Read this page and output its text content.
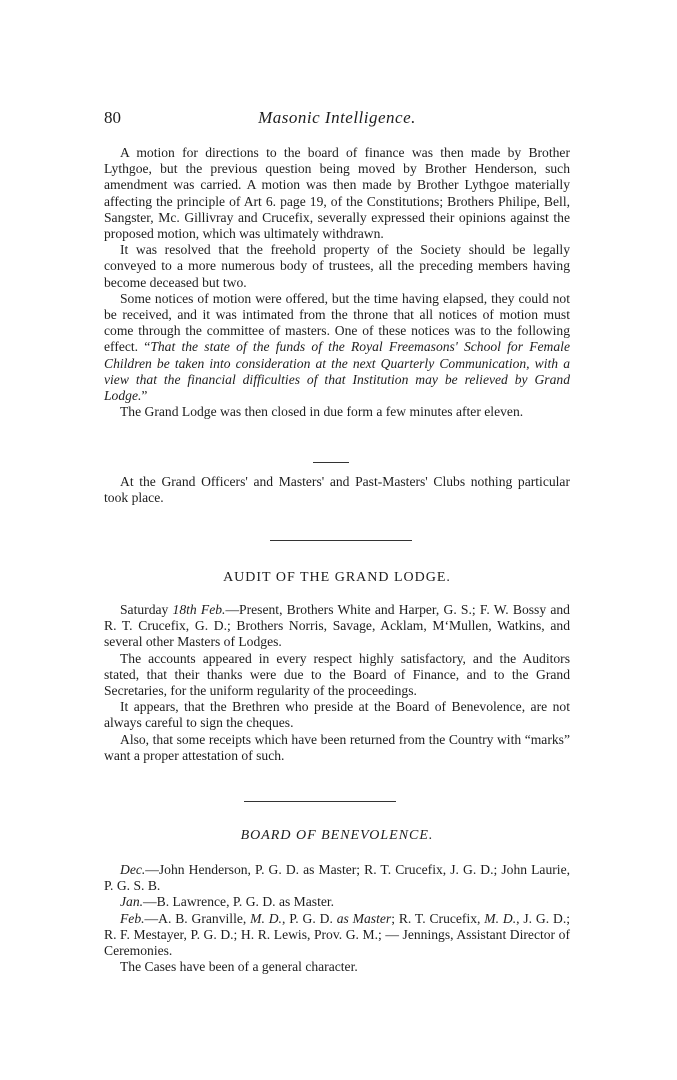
80	Masonic Intelligence.

A motion for directions to the board of finance was then made by Brother Lythgoe, but the previous question being moved by Brother Henderson, such amendment was carried. A motion was then made by Brother Lythgoe materially affecting the principle of Art 6. page 19, of the Constitutions; Brothers Philipe, Bell, Sangster, Mc. Gillivray and Crucefix, severally expressed their opinions against the proposed motion, which was ultimately withdrawn.

It was resolved that the freehold property of the Society should be legally conveyed to a more numerous body of trustees, all the preceding members having become deceased but two.

Some notices of motion were offered, but the time having elapsed, they could not be received, and it was intimated from the throne that all notices of motion must come through the committee of masters. One of these notices was to the following effect. “That the state of the funds of the Royal Freemasons' School for Female Children be taken into consideration at the next Quarterly Communication, with a view that the financial difficulties of that Institution may be relieved by Grand Lodge.”

The Grand Lodge was then closed in due form a few minutes after eleven.

At the Grand Officers' and Masters' and Past-Masters' Clubs nothing particular took place.

AUDIT OF THE GRAND LODGE.

Saturday 18th Feb.—Present, Brothers White and Harper, G. S.; F. W. Bossy and R. T. Crucefix, G. D.; Brothers Norris, Savage, Acklam, M‘Mullen, Watkins, and several other Masters of Lodges.

The accounts appeared in every respect highly satisfactory, and the Auditors stated, that their thanks were due to the Board of Finance, and to the Grand Secretaries, for the uniform regularity of the proceedings.

It appears, that the Brethren who preside at the Board of Benevolence, are not always careful to sign the cheques.

Also, that some receipts which have been returned from the Country with “marks” want a proper attestation of such.

BOARD OF BENEVOLENCE.

Dec.—John Henderson, P. G. D. as Master; R. T. Crucefix, J. G. D.; John Laurie, P. G. S. B.

Jan.—B. Lawrence, P. G. D. as Master.

Feb.—A. B. Granville, M. D., P. G. D. as Master; R. T. Crucefix, M. D., J. G. D.; R. F. Mestayer, P. G. D.; H. R. Lewis, Prov. G. M.; — Jennings, Assistant Director of Ceremonies.

The Cases have been of a general character.
